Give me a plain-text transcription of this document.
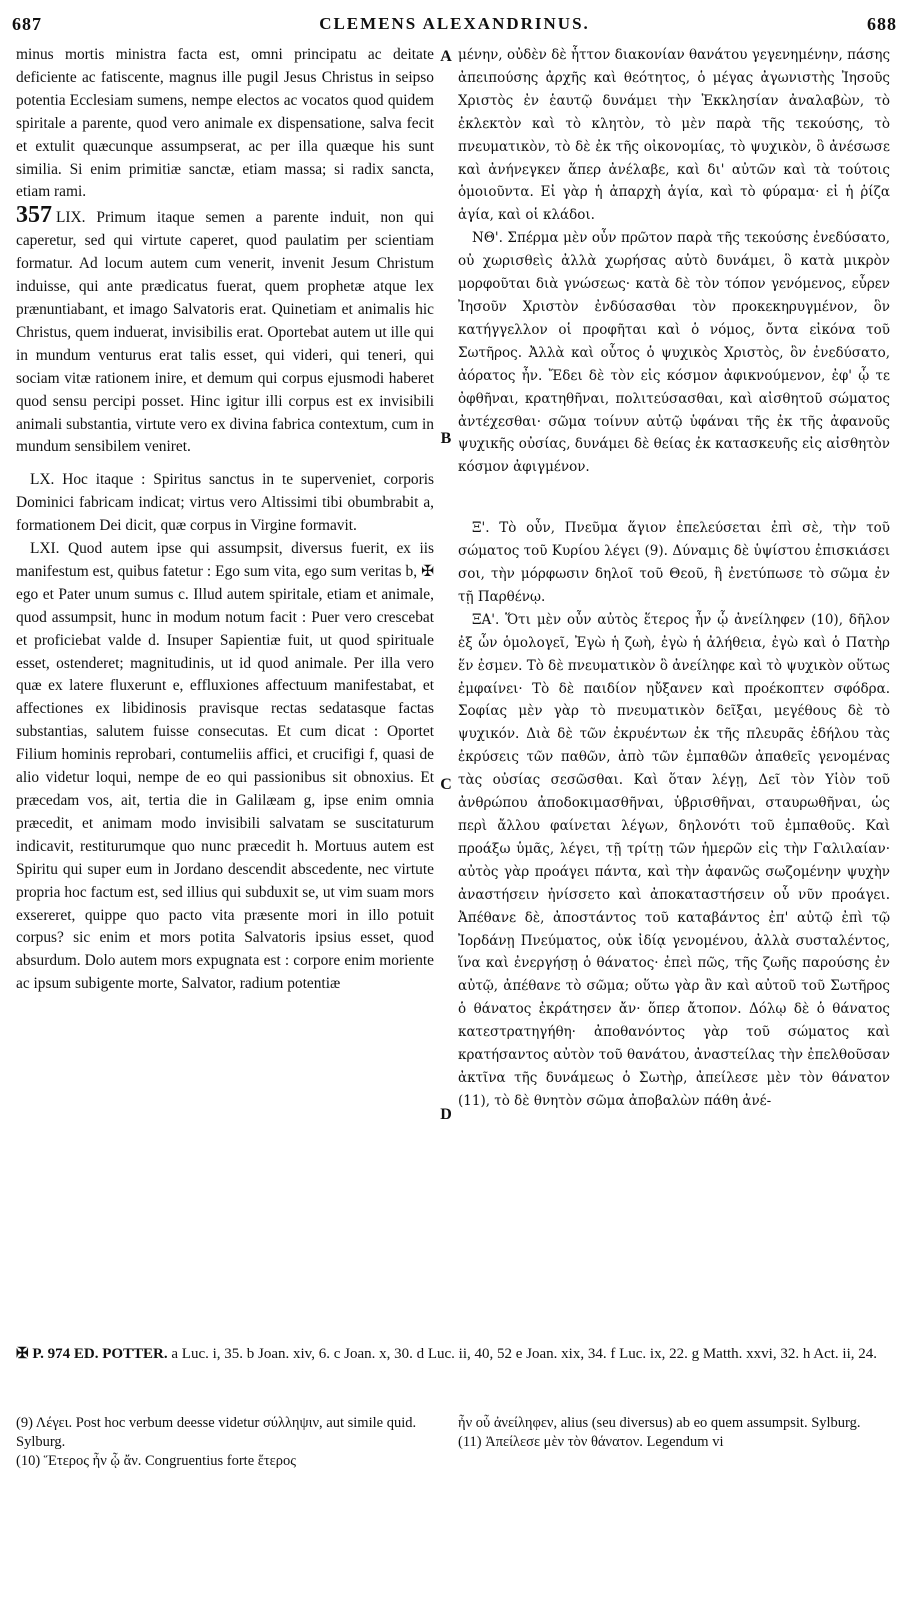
687	CLEMENS ALEXANDRINUS.	688

minus mortis ministra facta est, omni principatu ac deitate deficiente ac fatiscente, magnus ille pugil Jesus Christus in seipso potentia Ecclesiam sumens, nempe electos ac vocatos quod quidem spiritale a parente, quod vero animale ex dispensatione, salva fecit et extulit quæcunque assumpserat, ac per illa quæque his sunt similia. Si enim primitiæ sanctæ, etiam massa; si radix sancta, etiam rami.

357 LIX. Primum itaque semen a parente induit, non qui caperetur, sed qui virtute caperet, quod paulatim per scientiam formatur. Ad locum autem cum venerit, invenit Jesum Christum induisse, qui ante prædicatus fuerat, quem prophetæ atque lex prænuntiabant, et imago Salvatoris erat. Quinetiam et animalis hic Christus, quem induerat, invisibilis erat. Oportebat autem ut ille qui in mundum venturus erat talis esset, qui videri, qui teneri, qui sociam vitæ rationem inire, et demum qui corpus ejusmodi haberet quod sensu percipi posset. Hinc igitur illi corpus est ex invisibili animali substantia, virtute vero ex divina fabrica contextum, cum in mundum sensibilem veniret.

LX. Hoc itaque : Spiritus sanctus in te superveniet, corporis Dominici fabricam indicat; virtus vero Altissimi tibi obumbrabit a, formationem Dei dicit, quæ corpus in Virgine formavit.

LXI. Quod autem ipse qui assumpsit, diversus fuerit, ex iis manifestum est, quibus fatetur : Ego sum vita, ego sum veritas b, ✠ ego et Pater unum sumus c. Illud autem spiritale, etiam et animale, quod assumpsit, hunc in modum notum facit : Puer vero crescebat et proficiebat valde d. Insuper Sapientiæ fuit, ut quod spirituale esset, ostenderet; magnitudinis, ut id quod animale. Per illa vero quæ ex latere fluxerunt e, effluxiones affectuum manifestabat, et affectiones ex libidinosis pravisque rectas sedatasque factas substantias, salutem fuisse consecutas. Et cum dicat : Oportet Filium hominis reprobari, contumeliis affici, et crucifigi f, quasi de alio videtur loqui, nempe de eo qui passionibus sit obnoxius. Et præcedam vos, ait, tertia die in Galilæam g, ipse enim omnia præcedit, et animam modo invisibili salvatam se suscitaturum indicavit, restiturumque quo nunc præcedit h. Mortuus autem est Spiritu qui super eum in Jordano descendit abscedente, nec virtute propria hoc factum est, sed illius qui subduxit se, ut vim suam mors exsereret, quippe quo pacto vita præsente mori in illo potuit corpus? sic enim et mors potita Salvatoris ipsius esset, quod absurdum. Dolo autem mors expugnata est : corpore enim moriente ac ipsum subigente morte, Salvator, radium potentiæ

μένην, οὐδὲν δὲ ἧττον διακονίαν θανάτου γεγενημένην, πάσης ἀπειπούσης ἀρχῆς καὶ θεότητος, ὁ μέγας ἀγωνιστὴς Ἰησοῦς Χριστὸς ἐν ἑαυτῷ δυνάμει τὴν Ἐκκλησίαν ἀναλαβὼν, τὸ ἐκλεκτὸν καὶ τὸ κλητὸν, τὸ μὲν παρὰ τῆς τεκούσης, τὸ πνευματικὸν, τὸ δὲ ἐκ τῆς οἰκονομίας, τὸ ψυχικὸν, ὃ ἀνέσωσε καὶ ἀνήνεγκεν ἅπερ ἀνέλαβε, καὶ δι' αὐτῶν καὶ τὰ τούτοις ὁμοιοῦντα. Εἰ γὰρ ἡ ἀπαρχὴ ἁγία, καὶ τὸ φύραμα· εἰ ἡ ῥίζα ἁγία, καὶ οἱ κλάδοι.

ΝΘ'. Σπέρμα μὲν οὖν πρῶτον παρὰ τῆς τεκούσης ἐνεδύσατο, οὐ χωρισθεὶς ἀλλὰ χωρήσας αὐτὸ δυνάμει, ὃ κατὰ μικρὸν μορφοῦται διὰ γνώσεως· κατὰ δὲ τὸν τόπον γενόμενος, εὗρεν Ἰησοῦν Χριστὸν ἐνδύσασθαι τὸν προκεκηρυγμένον, ὃν κατήγγελλον οἱ προφῆται καὶ ὁ νόμος, ὄντα εἰκόνα τοῦ Σωτῆρος. Ἀλλὰ καὶ οὗτος ὁ ψυχικὸς Χριστὸς, ὃν ἐνεδύσατο, ἀόρατος ἦν. Ἔδει δὲ τὸν εἰς κόσμον ἀφικνούμενον, ἐφ' ᾧ τε ὀφθῆναι, κρατηθῆναι, πολιτεύσασθαι, καὶ αἰσθητοῦ σώματος ἀντέχεσθαι· σῶμα τοίνυν αὐτῷ ὑφάναι τῆς ἐκ τῆς ἀφανοῦς ψυχικῆς οὐσίας, δυνάμει δὲ θείας ἐκ κατασκευῆς εἰς αἰσθητὸν κόσμον ἀφιγμένον.

Ξ'. Τὸ οὖν, Πνεῦμα ἅγιον ἐπελεύσεται ἐπὶ σὲ, τὴν τοῦ σώματος τοῦ Κυρίου λέγει (9). Δύναμις δὲ ὑψίστου ἐπισκιάσει σοι, τὴν μόρφωσιν δηλοῖ τοῦ Θεοῦ, ἣ ἐνετύπωσε τὸ σῶμα ἐν τῇ Παρθένῳ.

ΞΑ'. Ὅτι μὲν οὖν αὐτὸς ἕτερος ἦν ᾧ ἀνείληφεν (10), δῆλον ἐξ ὧν ὁμολογεῖ, Ἐγὼ ἡ ζωὴ, ἐγὼ ἡ ἀλήθεια, ἐγὼ καὶ ὁ Πατὴρ ἕν ἐσμεν. Τὸ δὲ πνευματικὸν ὃ ἀνείληφε καὶ τὸ ψυχικὸν οὕτως ἐμφαίνει· Τὸ δὲ παιδίον ηὔξανεν καὶ προέκοπτεν σφόδρα. Σοφίας μὲν γὰρ τὸ πνευματικὸν δεῖξαι, μεγέθους δὲ τὸ ψυχικόν. Διὰ δὲ τῶν ἐκρυέντων ἐκ τῆς πλευρᾶς ἐδήλου τὰς ἐκρύσεις τῶν παθῶν, ἀπὸ τῶν ἐμπαθῶν ἀπαθεῖς γενομένας τὰς οὐσίας σεσῶσθαι. Καὶ ὅταν λέγῃ, Δεῖ τὸν Υἱὸν τοῦ ἀνθρώπου ἀποδοκιμασθῆναι, ὑβρισθῆναι, σταυρωθῆναι, ὡς περὶ ἄλλου φαίνεται λέγων, δηλονότι τοῦ ἐμπαθοῦς. Καὶ προάξω ὑμᾶς, λέγει, τῇ τρίτῃ τῶν ἡμερῶν εἰς τὴν Γαλιλαίαν· αὐτὸς γὰρ προάγει πάντα, καὶ τὴν ἀφανῶς σωζομένην ψυχὴν ἀναστήσειν ἠνίσσετο καὶ ἀποκαταστήσειν οὗ νῦν προάγει. Ἀπέθανε δὲ, ἀποστάντος τοῦ καταβάντος ἐπ' αὐτῷ ἐπὶ τῷ Ἰορδάνῃ Πνεύματος, οὐκ ἰδίᾳ γενομένου, ἀλλὰ συσταλέντος, ἵνα καὶ ἐνεργήσῃ ὁ θάνατος· ἐπεὶ πῶς, τῆς ζωῆς παρούσης ἐν αὐτῷ, ἀπέθανε τὸ σῶμα; οὕτω γὰρ ἂν καὶ αὐτοῦ τοῦ Σωτῆρος ὁ θάνατος ἐκράτησεν ἄν· ὅπερ ἄτοπον. Δόλῳ δὲ ὁ θάνατος κατεστρατηγήθη· ἀποθανόντος γὰρ τοῦ σώματος καὶ κρατήσαντος αὐτὸν τοῦ θανάτου, ἀναστείλας τὴν ἐπελθοῦσαν ἀκτῖνα τῆς δυνάμεως ὁ Σωτὴρ, ἀπείλεσε μὲν τὸν θάνατον (11), τὸ δὲ θνητὸν σῶμα ἀποβαλὼν πάθη ἀνέ-

A
B
C
D
✠ P. 974 ED. POTTER. a Luc. i, 35. b Joan. xiv, 6. c Joan. x, 30. d Luc. ii, 40, 52 e Joan. xix, 34. f Luc. ix, 22. g Matth. xxvi, 32. h Act. ii, 24.

(9) Λέγει. Post hoc verbum deesse videtur σύλληψιν, aut simile quid. Sylburg.

(10) Ἕτερος ἦν ᾧ ἄν. Congruentius forte ἕτερος

ἦν οὗ ἀνείληφεν, alius (seu diversus) ab eo quem assumpsit. Sylburg.

(11) Ἀπείλεσε μὲν τὸν θάνατον. Legendum vi
